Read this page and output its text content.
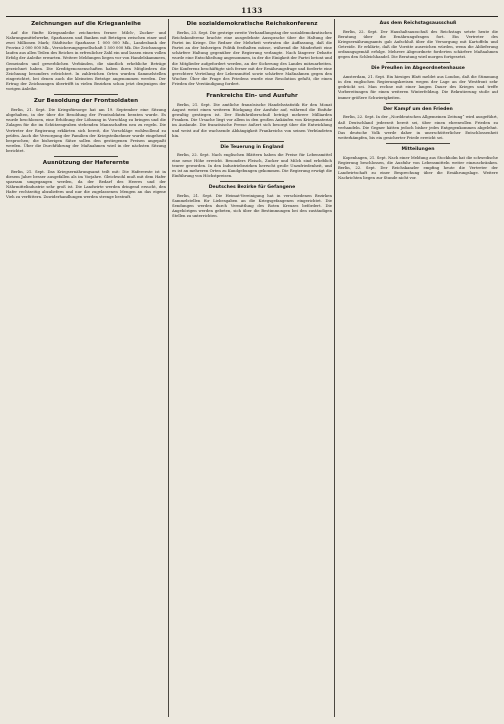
1133
Zeichnungen auf die Kriegsanleihe

Auf die fünfte Kriegsanleihe zeichneten ferner: Milch-, Zucker- und Nahrungsmittelwerke, Sparkassen und Banken mit Beträgen zwischen einer und zwei Millionen Mark; Städtische Sparkasse 1 000 000 Mk., Landesbank der Provinz 2 000 000 Mk., Versicherungsgesellschaft 1 500 000 Mk. Die Zeichnungen laufen aus allen Teilen des Reiches in erfreulicher Zahl ein und lassen einen vollen Erfolg der Anleihe erwarten. Weitere Meldungen liegen vor von Handelskammern, Gemeinden und gewerblichen Verbänden, die sämtlich erhebliche Beträge gezeichnet haben. Die Kreditgenossenschaften haben ihren Mitgliedern die Zeichnung besonders erleichtert. In zahlreichen Orten wurden Sammelstellen eingerichtet, bei denen auch die kleinsten Beträge angenommen werden. Der Ertrag der Zeichnungen übertrifft in vielen Bezirken schon jetzt denjenigen der vorigen Anleihe.

Zur Besoldung der Frontsoldaten

Berlin, 21. Sept. Die Kriegsfürsorge hat am 19. September eine Sitzung abgehalten, in der über die Besoldung der Frontsoldaten beraten wurde. Es wurde beschlossen, eine Erhöhung der Löhnung in Vorschlag zu bringen und die Zulagen für die im Schützengraben stehenden Mannschaften neu zu regeln. Die Vertreter der Regierung erklärten sich bereit, die Vorschläge wohlwollend zu prüfen. Auch die Versorgung der Familien der Kriegsteilnehmer wurde eingehend besprochen; die bisherigen Sätze sollen den gestiegenen Preisen angepaßt werden. Über die Durchführung der Maßnahmen wird in der nächsten Sitzung berichtet.

Ausnützung der Haferernte

Berlin, 21. Sept. Das Kriegsernährungsamt teilt mit: Die Haferernte ist in diesem Jahre besser ausgefallen als im Vorjahre. Gleichwohl muß mit dem Hafer sparsam umgegangen werden, da der Bedarf des Heeres und der Nährmittelindustrie sehr groß ist. Die Landwirte werden dringend ersucht, den Hafer rechtzeitig abzuliefern und nur die zugelassenen Mengen an das eigene Vieh zu verfüttern. Zuwiderhandlungen werden strenge bestraft.

Die sozialdemokratische Reichskonferenz

Berlin, 23. Sept. Die gestrige zweite Verhandlungstag der sozialdemokratischen Reichskonferenz brachte eine ausgedehnte Aussprache über die Haltung der Partei im Kriege. Die Redner der Mehrheit vertraten die Auffassung, daß die Partei an der bisherigen Politik festhalten müsse, während die Minderheit eine schärfere Haltung gegenüber der Regierung verlangte. Nach längerer Debatte wurde eine Entschließung angenommen, in der die Einigkeit der Partei betont und die Mitglieder aufgefordert werden, an der Sicherung des Landes mitzuarbeiten. Die Konferenz beschäftigte sich ferner mit der Ernährungsfrage und forderte eine gerechtere Verteilung der Lebensmittel sowie schärfere Maßnahmen gegen den Wucher. Über die Frage des Friedens wurde eine Resolution gefaßt, die einen Frieden der Verständigung fordert.

Frankreichs Ein- und Ausfuhr

Berlin, 21. Sept. Die amtliche französische Handelsstatistik für den Monat August weist einen weiteren Rückgang der Ausfuhr auf, während die Einfuhr gewaltig gestiegen ist. Der Einfuhrüberschuß beträgt mehrere Milliarden Franken. Die Ursache liegt vor allem in den großen Ankäufen von Kriegsmaterial im Auslande. Die französische Presse äußert sich besorgt über die Entwicklung und weist auf die wachsende Abhängigkeit Frankreichs von seinen Verbündeten hin.

Die Teuerung in England

Berlin, 22. Sept. Nach englischen Blättern haben die Preise für Lebensmittel eine neue Höhe erreicht. Besonders Fleisch, Zucker und Milch sind erheblich teurer geworden. In den Industriebezirken herrscht große Unzufriedenheit, und es ist an mehreren Orten zu Kundgebungen gekommen. Die Regierung erwägt die Einführung von Höchstpreisen.

Deutsches Bezirke für Gefangene

Berlin, 21. Sept. Die Heimat-Vereinigung hat in verschiedenen Bezirken Sammelstellen für Liebesgaben an die Kriegsgefangenen eingerichtet. Die Sendungen werden durch Vermittlung des Roten Kreuzes befördert. Die Angehörigen werden gebeten, sich über die Bestimmungen bei den zuständigen Stellen zu unterrichten.

Aus dem Reichstagsausschuß

Berlin, 22. Sept. Der Haushaltsausschuß des Reichstags setzte heute die Beratung über die Ernährungsfragen fort. Ein Vertreter des Kriegsernährungsamts gab Aufschluß über die Versorgung mit Kartoffeln und Getreide. Er erklärte, daß die Vorräte ausreichen würden, wenn die Ablieferung ordnungsgemäß erfolge. Mehrere Abgeordnete forderten schärfere Maßnahmen gegen den Schleichhandel. Die Beratung wird morgen fortgesetzt.

Die Preußen im Abgeordnetenhause

Amsterdam, 21. Sept. Ein hiesiges Blatt meldet aus London, daß die Stimmung in den englischen Regierungskreisen wegen der Lage an der Westfront sehr gedrückt sei. Man rechne mit einer langen Dauer des Krieges und treffe Vorbereitungen für einen weiteren Winterfeldzug. Die Rekrutierung stoße auf immer größere Schwierigkeiten.

Der Kampf um den Frieden

Berlin, 22. Sept. In der „Norddeutschen Allgemeinen Zeitung“ wird ausgeführt, daß Deutschland jederzeit bereit sei, über einen ehrenvollen Frieden zu verhandeln. Die Gegner hätten jedoch bisher jedes Entgegenkommen abgelehnt. Das deutsche Volk werde daher in unerschütterlicher Entschlossenheit weiterkämpfen, bis ein gesicherter Friede erreicht sei.

Mitteilungen

Kopenhagen, 21. Sept. Nach einer Meldung aus Stockholm hat die schwedische Regierung beschlossen, die Ausfuhr von Lebensmitteln weiter einzuschränken. Berlin, 22. Sept. Der Reichskanzler empfing heute die Vertreter der Landwirtschaft zu einer Besprechung über die Ernährungslage. Weitere Nachrichten liegen zur Stunde nicht vor.
